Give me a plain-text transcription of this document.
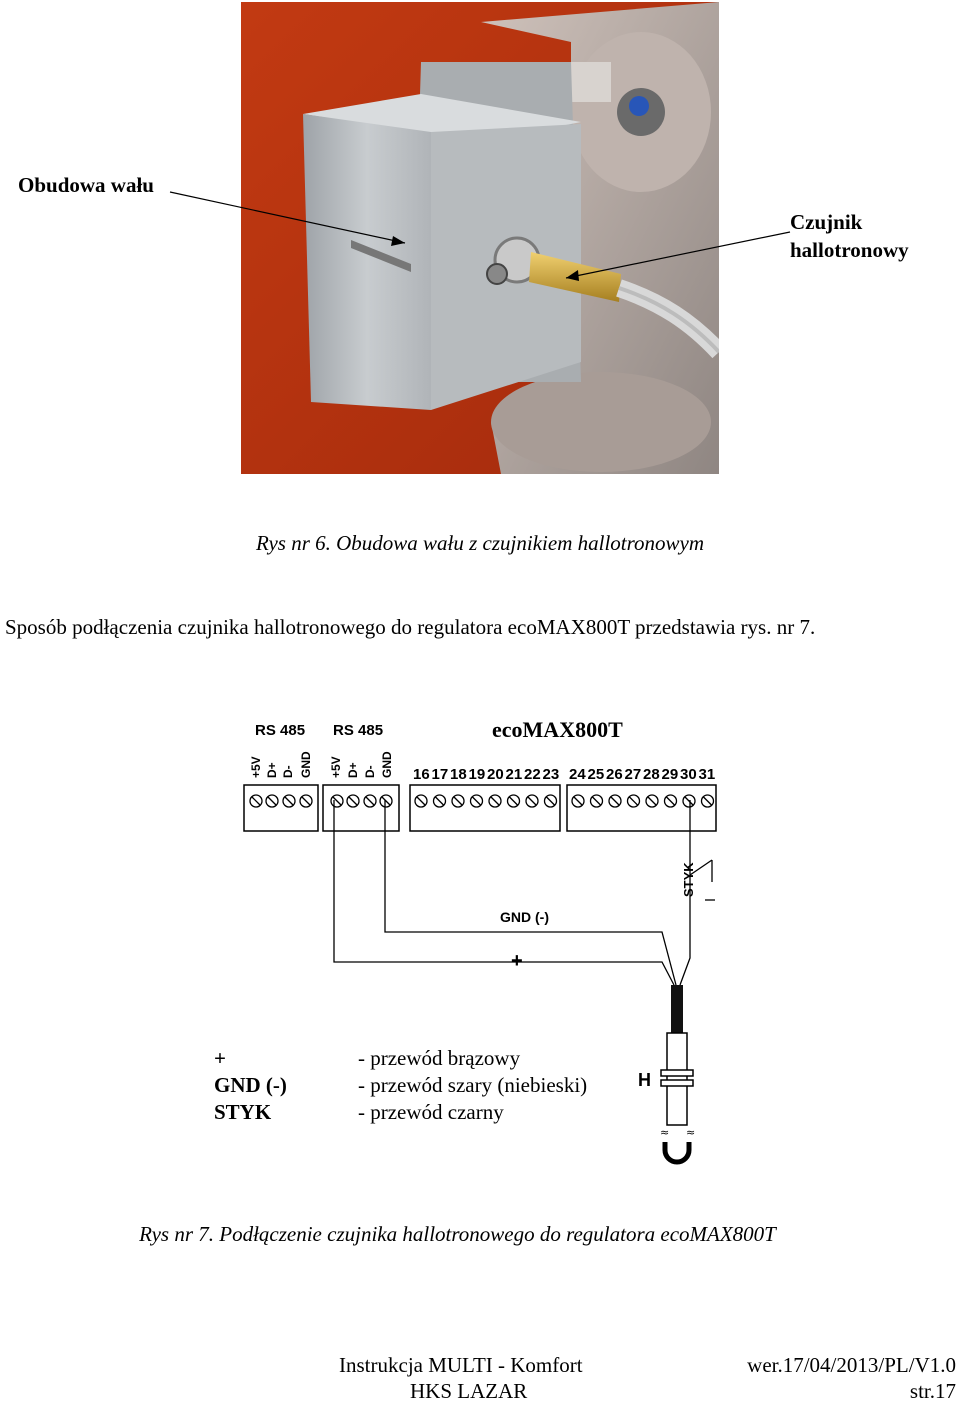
Obudowa wału
Czujnik
hallotronowy
Rys nr 6. Obudowa wału z czujnikiem hallotronowym
Sposób podłączenia czujnika hallotronowego do regulatora ecoMAX800T przedstawia rys. nr 7.
RS 485
+5V D+ D- GND
RS 485
+5V D+ D- GND
ecoMAX800T
16 17 18 19 20 21 22 23 24 25 26 27 28 29 30 31
STYK
GND (-)
+
H
≈ ≈
+	- przewód brązowy
GND (-)	- przewód szary (niebieski)
STYK	- przewód czarny
Rys nr 7. Podłączenie czujnika hallotronowego do regulatora ecoMAX800T
Instrukcja MULTI - Komfort
HKS LAZAR
wer.17/04/2013/PL/V1.0
str.17
